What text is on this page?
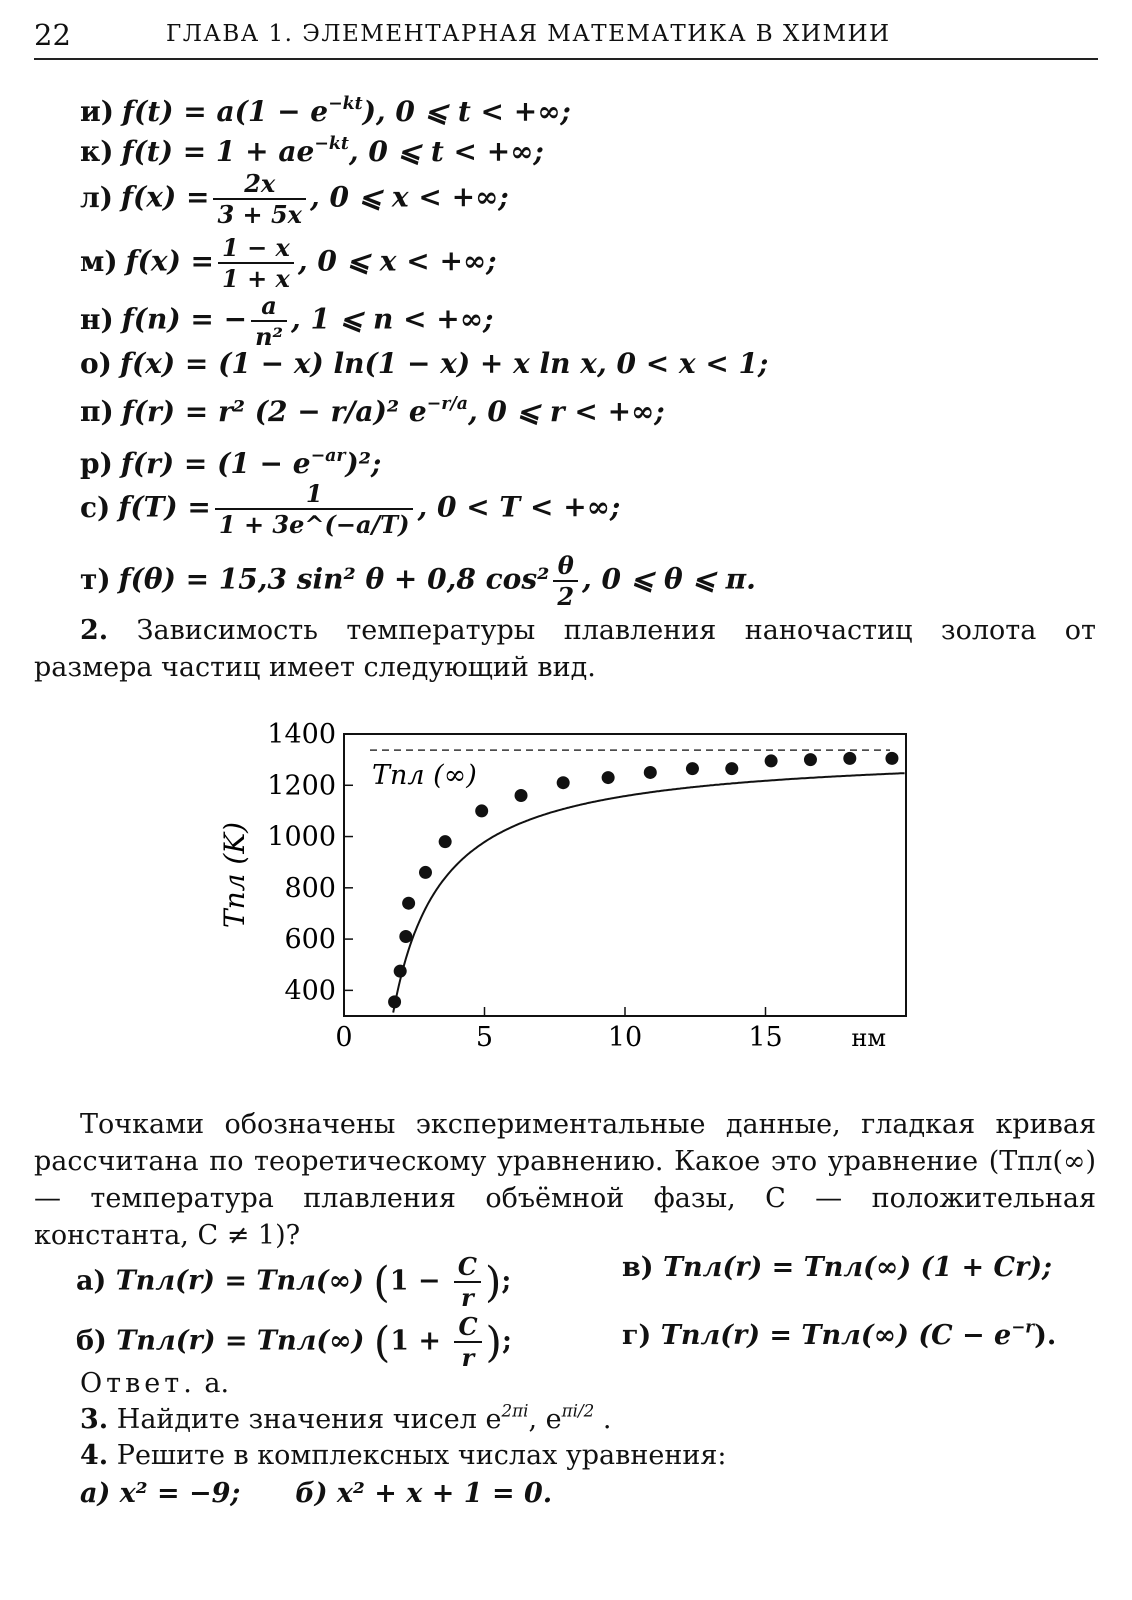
22	ГЛАВА 1. ЭЛЕМЕНТАРНАЯ МАТЕМАТИКА В ХИМИИ
и) $f(t) = a(1 - e^{-kt})$, 0 ⩽ t < +∞;
к) $f(t) = 1 + ae^{-kt}$, 0 ⩽ t < +∞;
л) $f(x) = \frac{2x}{3 + 5x}$ , 0 ⩽ x < +∞;
м) $f(x) = \frac{1 - x}{1 + x}$ , 0 ⩽ x < +∞;
н) f(n) = − $\frac{a}{\text{n²}}$ , 1 ⩽ n < +∞;
о) f(x) = (1 − x) ln(1 − x) + x ln x, 0 < x < 1;
п) f(r) = r² (2 − r/a)² $e^{-r/a}$, 0 ⩽ r < +∞;
р) $f(r) = (1 - e^{-ar})^2$;
с) $f(T) = \frac{1}{1 + 3e\^{}(-a/T)}$ , 0 < T < +∞;
т) f(θ) = 15,3 sin² θ + 0,8 $\cos^2 \frac{\theta}{2}$ , 0 ⩽ θ ⩽ π.
2. Зависимость температуры плавления наночастиц золота от размера частиц имеет следующий вид.
400
600
800
1000
1200
1400
0	5	10	15	нм
Tпл (K)
Tпл (∞)
Точками обозначены экспериментальные данные, гладкая кривая рассчитана по теоретическому уравнению. Какое это уравнение (Tпл(∞) — температура плавления объёмной фазы, C — положительная константа, C ≠ 1)?
а) Tпл(r) = Tпл(∞) ($1 - \frac{C}{r}$ );	в) Tпл(r) = Tпл(∞) (1 + Cr);
б) Tпл(r) = Tпл(∞) ($1 + \frac{C}{r}$ );	г) Tпл(r) = Tпл(∞) $(C - e^{-r})$.
Ответ. а.
3. Найдите значения чисел $e^{2\pi i}$, $e^{\pi i/2}$ .
4. Решите в комплексных числах уравнения:
а) x² = −9; б) x² + x + 1 = 0.
